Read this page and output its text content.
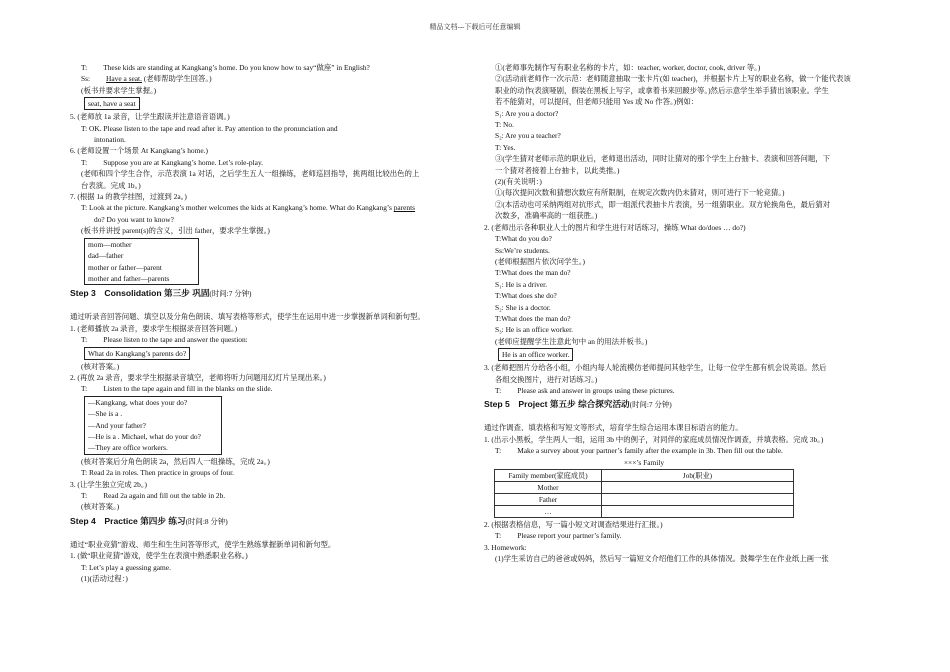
精品文档---下载后可任意编辑
T: These kids are standing at Kangkang’s home. Do you know how to say“做座” in English?
Ss: Have a seat. (老师帮助学生回答。)
(板书并要求学生掌握。)
seat, have a seat
5. (老师放 1a 录音，让学生跟读并注意语音语调。)
T: OK. Please listen to the tape and read after it. Pay attention to the pronunciation and
intonation.
6. (老师设置一个场景 At Kangkang’s home.)
T: Suppose you are at Kangkang’s home. Let’s role-play.
(老师和四个学生合作，示范表演 1a 对话，之后学生五人一组操练，老师巡回指导，挑两组比较出色的上
台表演。完成 1b。)
7. (根据 1a 的教学挂图，过渡到 2a。)
T: Look at the picture. Kangkang’s mother welcomes the kids at Kangkang’s home. What do Kangkang’s parents
do? Do you want to know?
(板书并讲授 parent(s)的含义，引出 father，要求学生掌握。)
mom—mother
dad—father
mother or father—parent
mother and father—parents
Step 3　Consolidation 第三步 巩固(时间:7 分钟)
通过听录音回答问题、填空以及分角色朗读、填写表格等形式，使学生在运用中进一步掌握新单词和新句型。
1. (老师播放 2a 录音，要求学生根据录音回答问题。)
T: Please listen to the tape and answer the question:
What do Kangkang’s parents do?
(核对答案。)
2. (再放 2a 录音，要求学生根据录音填空，老师将听力问题用幻灯片呈现出来。)
T: Listen to the tape again and fill in the blanks on the slide.
—Kangkang, what does your do?
—She is a .
—And your father?
—He is a . Michael, what do your do?
—They are office workers.
(核对答案后分角色朗读 2a，然后四人一组操练，完成 2a。)
T: Read 2a in roles. Then practice in groups of four.
3. (让学生独立完成 2b。)
T: Read 2a again and fill out the table in 2b.
(核对答案。)
Step 4　Practice 第四步 练习(时间:8 分钟)
通过“职业竞猜”游戏、师生和生生问答等形式，使学生熟练掌握新单词和新句型。
1. (做“职业竞猜”游戏，使学生在表演中熟悉职业名称。)
T: Let’s play a guessing game.
(1)(活动过程：)
①(老师事先制作写有职业名称的卡片，如：teacher, worker, doctor, cook, driver 等。)
②(活动前老师作一次示范：老师随意抽取一张卡片(如 teacher)，并根据卡片上写的职业名称，做一个能代表该
职业的动作(表演哑剧，假装在黑板上写字，或拿着书来回踱步等。)然后示意学生举手猜出该职业。学生
若不能猜对，可以提问，但老师只能用 Yes 或 No 作答。)例如：
S₁: Are you a doctor?
T: No.
S₂: Are you a teacher?
T: Yes.
③(学生猜对老师示范的职业后，老师退出活动，同时让猜对的那个学生上台抽卡、表演和回答问题，下
一个猜对者接着上台抽卡，以此类推。)
(2)(有关说明：)
①(每次提问次数和猜想次数应有所限制，在规定次数内仍未猜对，则可进行下一轮竞猜。)
②(本活动也可采纳两组对抗形式，即一组派代表抽卡片表演，另一组猜职业。双方轮换角色，最后猜对
次数多，准确率高的一组获胜。)
2. (老师出示各种职业人士的图片和学生进行对话练习，操练 What do/does … do?)
T:What do you do?
Ss:We’re students.
(老师根据图片依次问学生。)
T:What does the man do?
S₁: He is a driver.
T:What does she do?
S₂: She is a doctor.
T:What does the man do?
S₃: He is an office worker.
(老师应提醒学生注意此句中 an 的用法并板书。)
He is an office worker.
3. (老师把图片分给各小组，小组内每人轮流模仿老师提问其他学生，让每一位学生都有机会说英语。然后
各组交换图片，进行对话练习。)
T: Please ask and answer in groups using these pictures.
Step 5　Project 第五步 综合探究活动(时间:7 分钟)
通过作调查、填表格和写短文等形式，培育学生综合运用本课目标语言的能力。
1. (出示小黑板，学生两人一组，运用 3b 中的例子，对同伴的家庭成员情况作调查，并填表格。完成 3b。)
T: Make a survey about your partner’s family after the example in 3b. Then fill out the table.
×××’s Family
Family member(家庭成员)	Job(职业)
Mother	
Father	
…	
2. (根据表格信息，写一篇小短文对调查结果进行汇报。)
T: Please report your partner’s family.
3. Homework:
(1)学生采访自己的爸爸或妈妈，然后写一篇短文介绍他们工作的具体情况。鼓舞学生在作业纸上画一张
